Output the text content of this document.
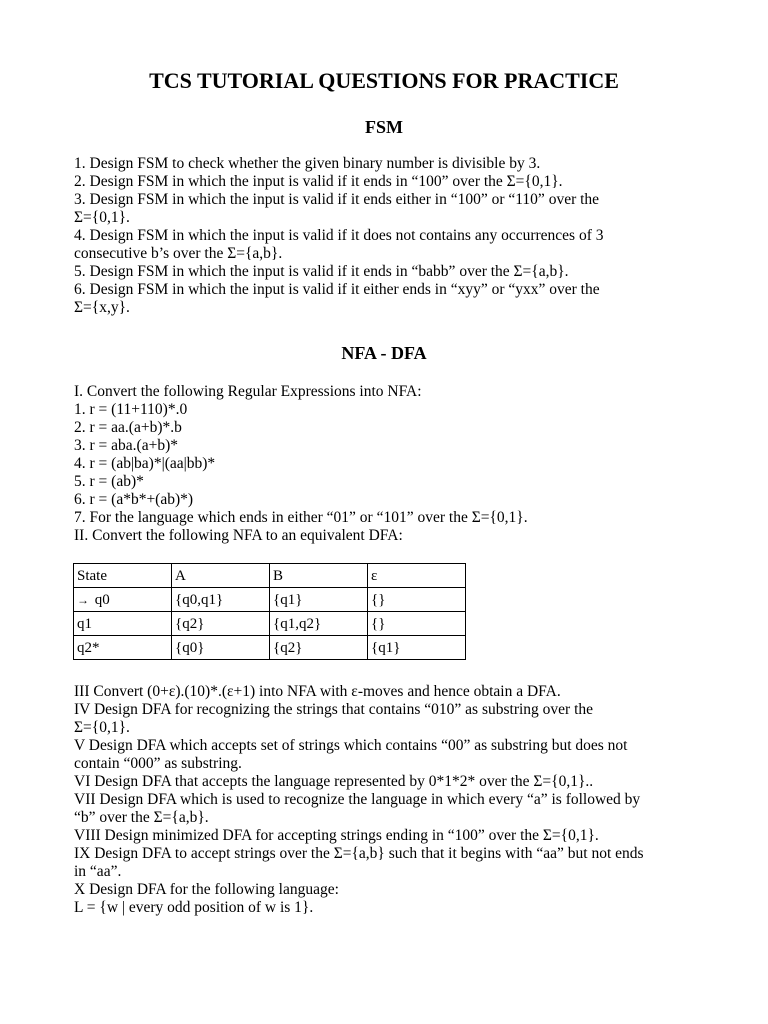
TCS TUTORIAL QUESTIONS FOR PRACTICE
FSM
1. Design FSM to check whether the given binary number is divisible by 3.
2. Design FSM in which the input is valid if it ends in “100” over the Σ={0,1}.
3. Design FSM in which the input is valid if it ends either in “100” or “110” over the
Σ={0,1}.
4. Design FSM in which the input is valid if it does not contains any occurrences of 3
consecutive b’s over the Σ={a,b}.
5. Design FSM in which the input is valid if it ends in “babb” over the Σ={a,b}.
6. Design FSM in which the input is valid if it either ends in “xyy” or “yxx” over the
Σ={x,y}.
NFA - DFA
I. Convert the following Regular Expressions into NFA:
1. r = (11+110)*.0
2. r = aa.(a+b)*.b
3. r = aba.(a+b)*
4. r = (ab|ba)*|(aa|bb)*
5. r = (ab)*
6. r = (a*b*+(ab)*)
7. For the language which ends in either “01” or “101” over the Σ={0,1}.
II. Convert the following NFA to an equivalent DFA:
State	A	B	ε
→ q0	{q0,q1}	{q1}	{}
q1	{q2}	{q1,q2}	{}
q2*	{q0}	{q2}	{q1}
III Convert (0+ε).(10)*.(ε+1) into NFA with ε-moves and hence obtain a DFA.
IV Design DFA for recognizing the strings that contains “010” as substring over the
Σ={0,1}.
V Design DFA which accepts set of strings which contains “00” as substring but does not
contain “000” as substring.
VI Design DFA that accepts the language represented by 0*1*2* over the Σ={0,1}..
VII Design DFA which is used to recognize the language in which every “a” is followed by
“b” over the Σ={a,b}.
VIII Design minimized DFA for accepting strings ending in “100” over the Σ={0,1}.
IX Design DFA to accept strings over the Σ={a,b} such that it begins with “aa” but not ends
in “aa”.
X Design DFA for the following language:
L = {w | every odd position of w is 1}.
